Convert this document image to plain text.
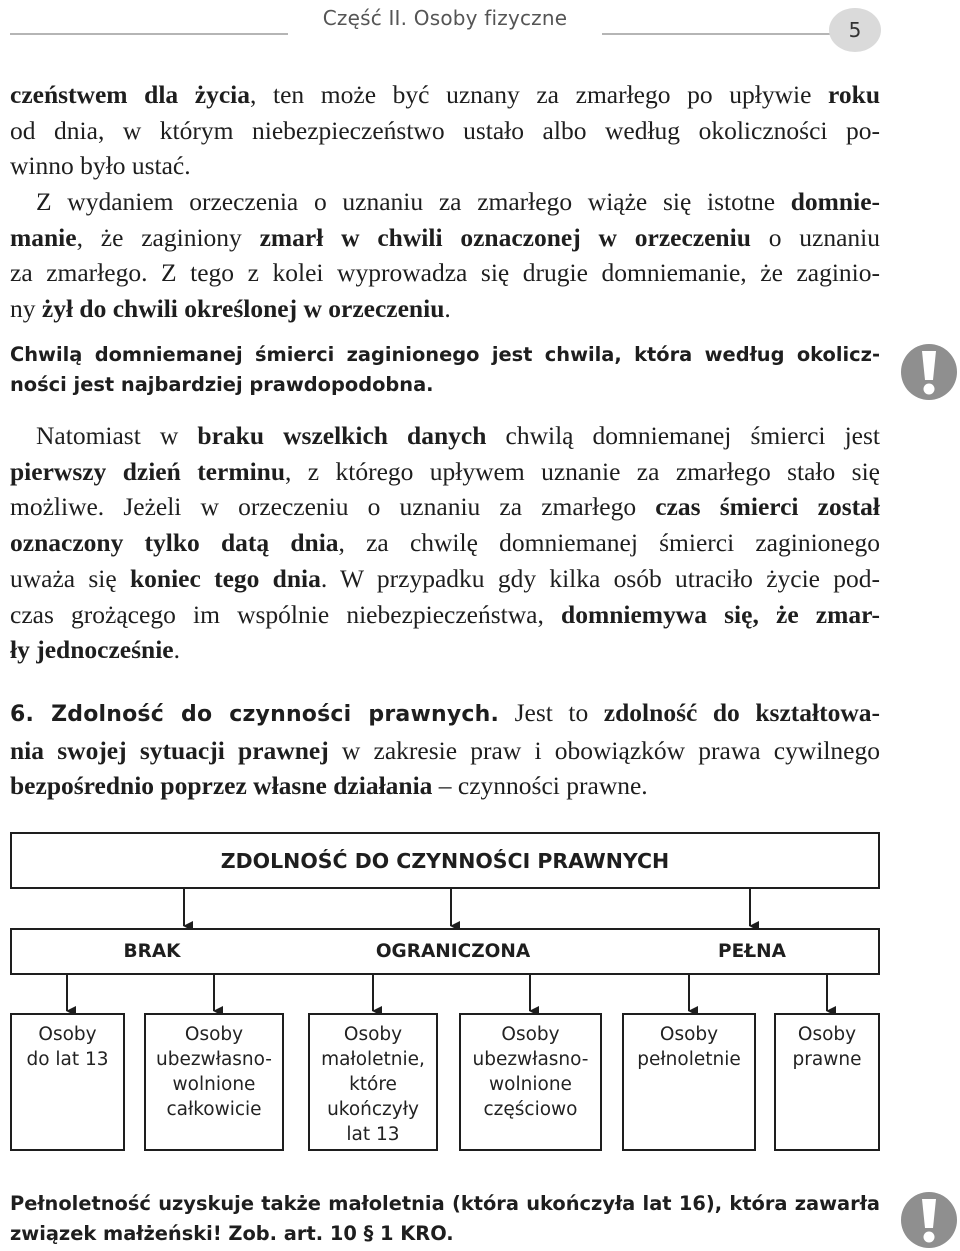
Część II. Osoby fizyczne	5
czeństwem dla życia, ten może być uznany za zmarłego po upływie roku
od dnia, w którym niebezpieczeństwo ustało albo według okoliczności po-
winno było ustać.
Z wydaniem orzeczenia o uznaniu za zmarłego wiąże się istotne domnie-
manie, że zaginiony zmarł w chwili oznaczonej w orzeczeniu o uznaniu
za zmarłego. Z tego z kolei wyprowadza się drugie domniemanie, że zaginio-
ny żył do chwili określonej w orzeczeniu.
Chwilą domniemanej śmierci zaginionego jest chwila, która według okolicz-
ności jest najbardziej prawdopodobna.
Natomiast w braku wszelkich danych chwilą domniemanej śmierci jest
pierwszy dzień terminu, z którego upływem uznanie za zmarłego stało się
możliwe. Jeżeli w orzeczeniu o uznaniu za zmarłego czas śmierci został
oznaczony tylko datą dnia, za chwilę domniemanej śmierci zaginionego
uważa się koniec tego dnia. W przypadku gdy kilka osób utraciło życie pod-
czas grożącego im wspólnie niebezpieczeństwa, domniemywa się, że zmar-
ły jednocześnie.
6. Zdolność do czynności prawnych. Jest to zdolność do kształtowa-
nia swojej sytuacji prawnej w zakresie praw i obowiązków prawa cywilnego
bezpośrednio poprzez własne działania – czynności prawne.
ZDOLNOŚĆ DO CZYNNOŚCI PRAWNYCH
BRAK	OGRANICZONA	PEŁNA
Osoby
do lat 13
Osoby
ubezwłasno-
wolnione
całkowicie
Osoby
małoletnie,
które
ukończyły
lat 13
Osoby
ubezwłasno-
wolnione
częściowo
Osoby
pełnoletnie
Osoby
prawne
Pełnoletność uzyskuje także małoletnia (która ukończyła lat 16), która zawarła
związek małżeński! Zob. art. 10 § 1 KRO.
